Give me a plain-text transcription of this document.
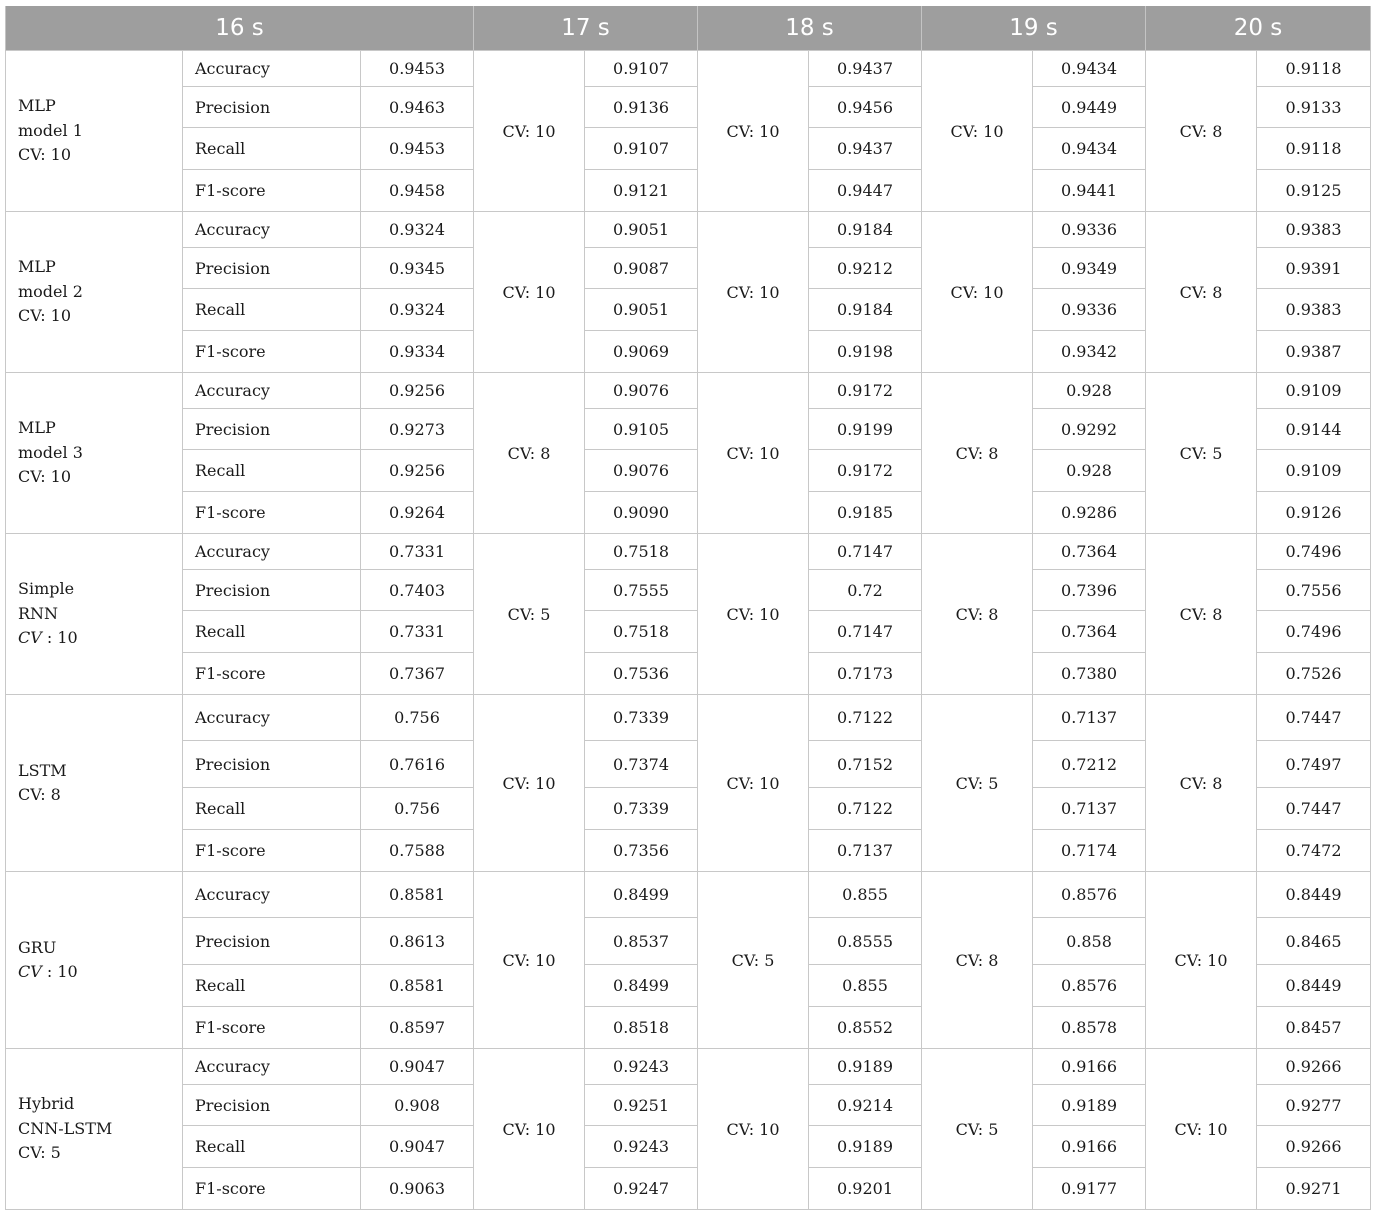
16 s			17 s		18 s		19 s		20 s	
MLP
model 1
CV: 10	Accuracy	0.9453	CV: 10	0.9107	CV: 10	0.9437	CV: 10	0.9434	CV: 8	0.9118
	Precision	0.9463		0.9136		0.9456		0.9449		0.9133
	Recall	0.9453		0.9107		0.9437		0.9434		0.9118
	F1-score	0.9458		0.9121		0.9447		0.9441		0.9125
MLP
model 2
CV: 10	Accuracy	0.9324	CV: 10	0.9051	CV: 10	0.9184	CV: 10	0.9336	CV: 8	0.9383
	Precision	0.9345		0.9087		0.9212		0.9349		0.9391
	Recall	0.9324		0.9051		0.9184		0.9336		0.9383
	F1-score	0.9334		0.9069		0.9198		0.9342		0.9387
MLP
model 3
CV: 10	Accuracy	0.9256	CV: 8	0.9076	CV: 10	0.9172	CV: 8	0.928	CV: 5	0.9109
	Precision	0.9273		0.9105		0.9199		0.9292		0.9144
	Recall	0.9256		0.9076		0.9172		0.928		0.9109
	F1-score	0.9264		0.9090		0.9185		0.9286		0.9126
Simple
RNN
CV : 10	Accuracy	0.7331	CV: 5	0.7518	CV: 10	0.7147	CV: 8	0.7364	CV: 8	0.7496
	Precision	0.7403		0.7555		0.72		0.7396		0.7556
	Recall	0.7331		0.7518		0.7147		0.7364		0.7496
	F1-score	0.7367		0.7536		0.7173		0.7380		0.7526
LSTM
CV: 8	Accuracy	0.756	CV: 10	0.7339	CV: 10	0.7122	CV: 5	0.7137	CV: 8	0.7447
	Precision	0.7616		0.7374		0.7152		0.7212		0.7497
	Recall	0.756		0.7339		0.7122		0.7137		0.7447
	F1-score	0.7588		0.7356		0.7137		0.7174		0.7472
GRU
CV : 10	Accuracy	0.8581	CV: 10	0.8499	CV: 5	0.855	CV: 8	0.8576	CV: 10	0.8449
	Precision	0.8613		0.8537		0.8555		0.858		0.8465
	Recall	0.8581		0.8499		0.855		0.8576		0.8449
	F1-score	0.8597		0.8518		0.8552		0.8578		0.8457
Hybrid
CNN-LSTM
CV: 5	Accuracy	0.9047	CV: 10	0.9243	CV: 10	0.9189	CV: 5	0.9166	CV: 10	0.9266
	Precision	0.908		0.9251		0.9214		0.9189		0.9277
	Recall	0.9047		0.9243		0.9189		0.9166		0.9266
	F1-score	0.9063		0.9247		0.9201		0.9177		0.9271
